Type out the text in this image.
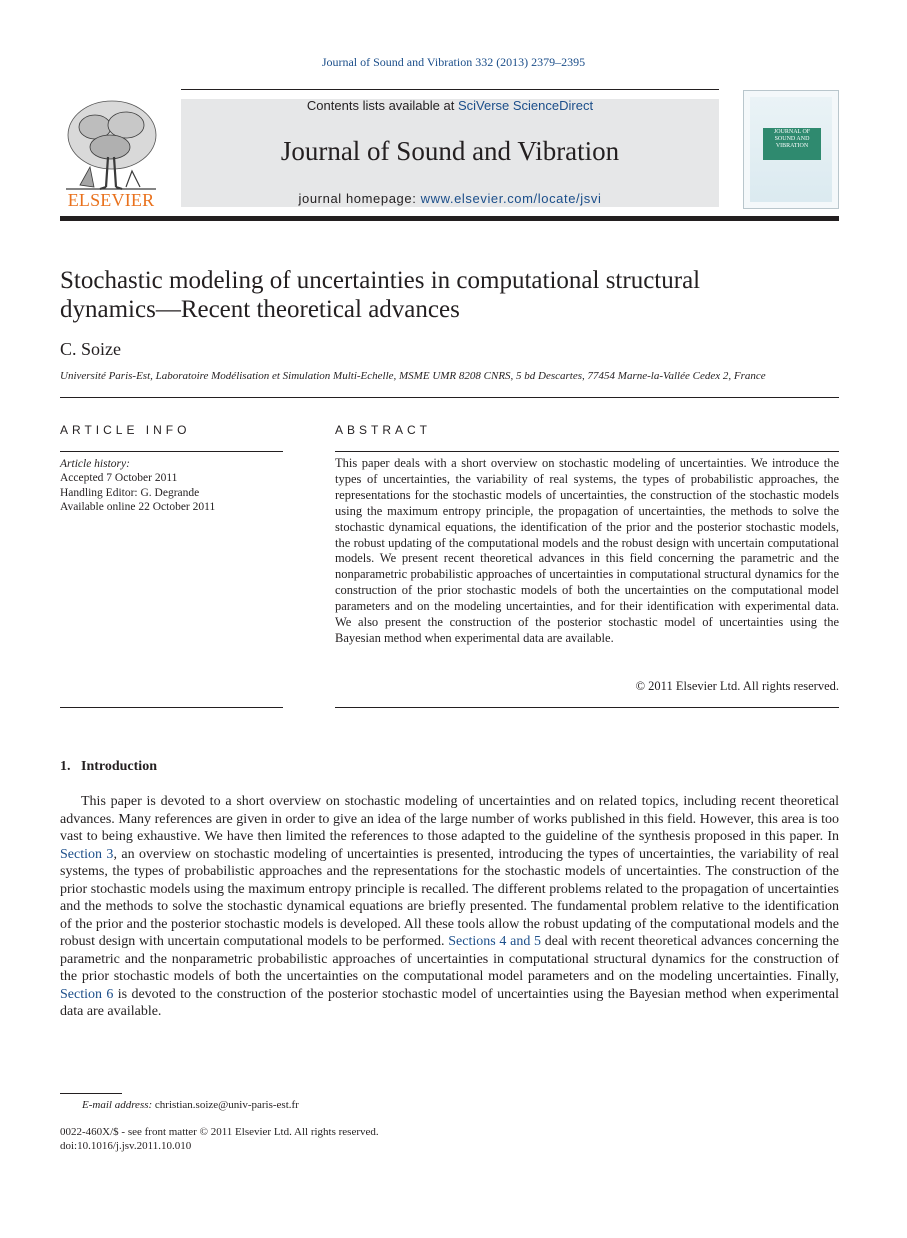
Journal of Sound and Vibration 332 (2013) 2379–2395
Contents lists available at SciVerse ScienceDirect
Journal of Sound and Vibration
journal homepage: www.elsevier.com/locate/jsvi
ELSEVIER
JOURNAL OF SOUND AND VIBRATION
Stochastic modeling of uncertainties in computational structural
dynamics—Recent theoretical advances
C. Soize
Université Paris-Est, Laboratoire Modélisation et Simulation Multi-Echelle, MSME UMR 8208 CNRS, 5 bd Descartes, 77454 Marne-la-Vallée Cedex 2, France
ARTICLE INFO
Article history:
Accepted 7 October 2011
Handling Editor: G. Degrande
Available online 22 October 2011
ABSTRACT
This paper deals with a short overview on stochastic modeling of uncertainties. We introduce the types of uncertainties, the variability of real systems, the types of probabilistic approaches, the representations for the stochastic models of uncertainties, the construction of the stochastic models using the maximum entropy principle, the propagation of uncertainties, the methods to solve the stochastic dynamical equations, the identification of the prior and the posterior stochastic models, the robust updating of the computational models and the robust design with uncertain computational models. We present recent theoretical advances in this field concerning the parametric and the nonparametric probabilistic approaches of uncertainties in computational structural dynamics for the construction of the prior stochastic models of both the uncertainties on the computational model parameters and on the modeling uncertainties, and for their identification with experimental data. We also present the construction of the posterior stochastic model of uncertainties using the Bayesian method when experimental data are available.
© 2011 Elsevier Ltd. All rights reserved.
1.   Introduction
This paper is devoted to a short overview on stochastic modeling of uncertainties and on related topics, including recent theoretical advances. Many references are given in order to give an idea of the large number of works published in this field. However, this area is too vast to being exhaustive. We have then limited the references to those adapted to the guideline of the synthesis proposed in this paper. In Section 3, an overview on stochastic modeling of uncertainties is presented, introducing the types of uncertainties, the variability of real systems, the types of probabilistic approaches and the representations for the stochastic models of uncertainties. The construction of the prior stochastic models using the maximum entropy principle is recalled. The different problems related to the propagation of uncertainties and the methods to solve the stochastic dynamical equations are briefly presented. The fundamental problem relative to the identification of the prior and the posterior stochastic models is developed. All these tools allow the robust updating of the computational models and the robust design with uncertain computational models to be performed. Sections 4 and 5 deal with recent theoretical advances concerning the parametric and the nonparametric probabilistic approaches of uncertainties in computational structural dynamics for the construction of the prior stochastic models of both the uncertainties on the computational model parameters and on the modeling uncertainties. Finally, Section 6 is devoted to the construction of the posterior stochastic model of uncertainties using the Bayesian method when experimental data are available.
E-mail address: christian.soize@univ-paris-est.fr
0022-460X/$ - see front matter © 2011 Elsevier Ltd. All rights reserved.
doi:10.1016/j.jsv.2011.10.010
